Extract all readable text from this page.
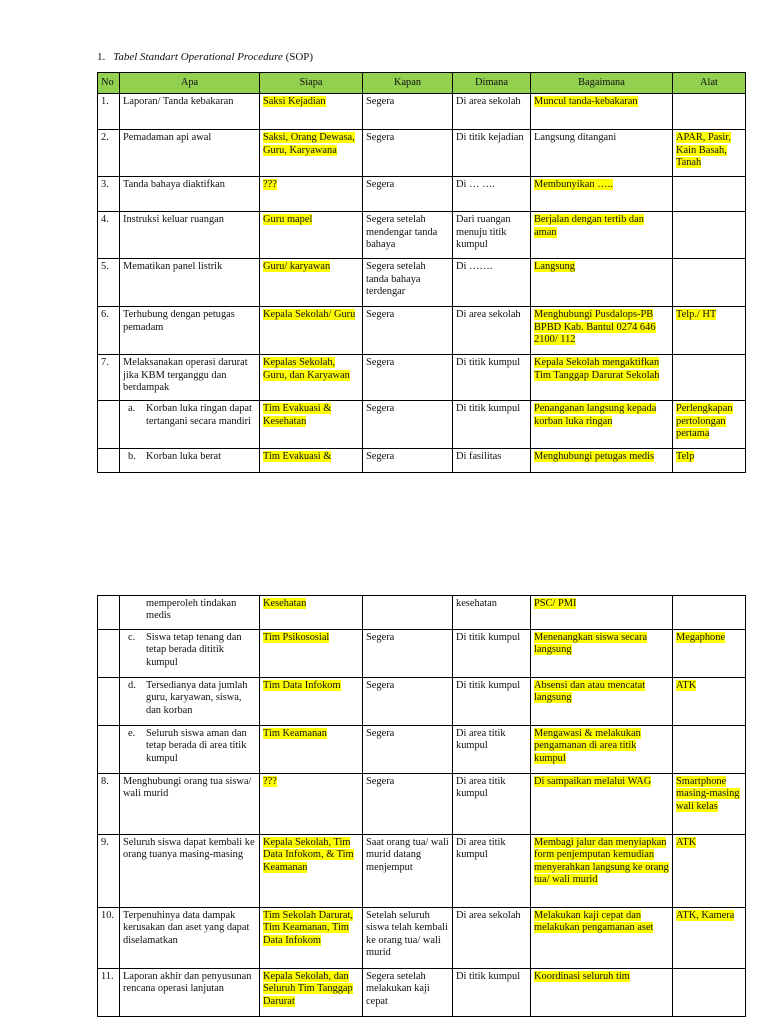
1. Tabel Standart Operational Procedure (SOP)
No	Apa	Siapa	Kapan	Dimana	Bagaimana	Alat
1.	Laporan/ Tanda kebakaran	Saksi Kejadian	Segera	Di area sekolah	Muncul tanda-kebakaran	
2.	Pemadaman api awal	Saksi, Orang Dewasa, Guru, Karyawana	Segera	Di titik kejadian	Langsung ditangani	APAR, Pasir, Kain Basah, Tanah
3.	Tanda bahaya diaktifkan	???	Segera	Di … ….	Membunyikan …..	
4.	Instruksi keluar ruangan	Guru mapel	Segera setelah mendengar tanda bahaya	Dari ruangan menuju titik kumpul	Berjalan dengan tertib dan aman	
5.	Mematikan panel listrik	Guru/ karyawan	Segera setelah tanda bahaya terdengar	Di …….	Langsung	
6.	Terhubung dengan petugas pemadam	Kepala Sekolah/ Guru	Segera	Di area sekolah	Menghubungi Pusdalops-PB BPBD Kab. Bantul 0274 646 2100/ 112	Telp./ HT
7.	Melaksanakan operasi darurat jika KBM terganggu dan berdampak	Kepalas Sekolah, Guru, dan Karyawan	Segera	Di titik kumpul	Kepala Sekolah mengaktifkan Tim Tanggap Darurat Sekolah	
	a. Korban luka ringan dapat tertangani secara mandiri	Tim Evakuasi & Kesehatan	Segera	Di titik kumpul	Penanganan langsung kepada korban luka ringan	Perlengkapan pertolongan pertama
	b. Korban luka berat	Tim Evakuasi &	Segera	Di fasilitas	Menghubungi petugas medis	Telp
	memperoleh tindakan medis	Kesehatan		kesehatan	PSC/ PMI	
	c. Siswa tetap tenang dan tetap berada dititik kumpul	Tim Psikososial	Segera	Di titik kumpul	Menenangkan siswa secara langsung	Megaphone
	d. Tersedianya data jumlah guru, karyawan, siswa, dan korban	Tim Data Infokom	Segera	Di titik kumpul	Absensi dan atau mencatat langsung	ATK
	e. Seluruh siswa aman dan tetap berada di area titik kumpul	Tim Keamanan	Segera	Di area titik kumpul	Mengawasi & melakukan pengamanan di area titik kumpul	
8.	Menghubungi orang tua siswa/ wali murid	???	Segera	Di area titik kumpul	Di sampaikan melalui WAG	Smartphone masing-masing wali kelas
9.	Seluruh siswa dapat kembali ke orang tuanya masing-masing	Kepala Sekolah, Tim Data Infokom, & Tim Keamanan	Saat orang tua/ wali murid datang menjemput	Di area titik kumpul	Membagi jalur dan menyiapkan form penjemputan kemudian menyerahkan langsung ke orang tua/ wali murid	ATK
10.	Terpenuhinya data dampak kerusakan dan aset yang dapat diselamatkan	Tim Sekolah Darurat, Tim Keamanan, Tim Data Infokom	Setelah seluruh siswa telah kembali ke orang tua/ wali murid	Di area sekolah	Melakukan kaji cepat dan melakukan pengamanan aset	ATK, Kamera
11.	Laporan akhir dan penyusunan rencana operasi lanjutan	Kepala Sekolah, dan Seluruh Tim Tanggap Darurat	Segera setelah melakukan kaji cepat	Di titik kumpul	Koordinasi seluruh tim	
